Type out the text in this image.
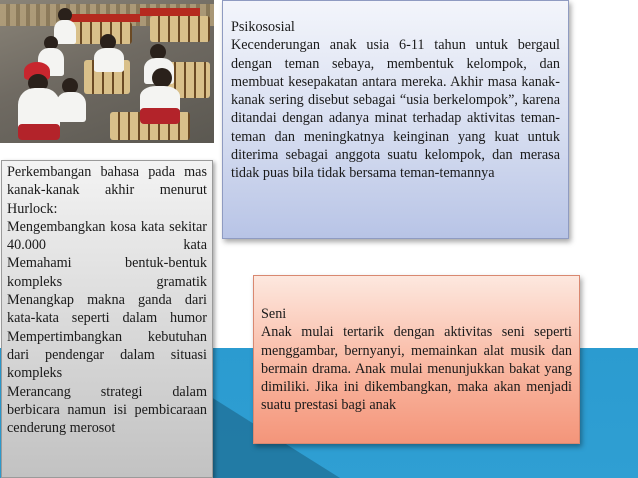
Perkembangan bahasa pada mas kanak-kanak akhir menurut Hurlock:

Mengembangkan kosa kata sekitar 40.000 kata

Memahami bentuk-bentuk kompleks gramatik

Menangkap makna ganda dari kata-kata seperti dalam humor

Mempertimbangkan kebutuhan dari pendengar dalam situasi kompleks

Merancang strategi dalam berbicara namun isi pembicaraan cenderung merosot

Psikososial
Kecenderungan anak usia 6-11 tahun untuk bergaul dengan teman sebaya, membentuk kelompok, dan membuat kesepakatan antara mereka. Akhir masa kanak-kanak sering disebut sebagai “usia berkelompok”, karena ditandai dengan adanya minat terhadap aktivitas teman-teman dan meningkatnya keinginan yang kuat untuk diterima sebagai anggota suatu kelompok, dan merasa tidak puas bila tidak bersama teman-temannya
Seni
Anak mulai tertarik dengan aktivitas seni seperti menggambar, bernyanyi, memainkan alat musik dan bermain drama. Anak mulai menunjukkan bakat yang dimiliki. Jika ini dikembangkan, maka akan menjadi suatu prestasi bagi anak
